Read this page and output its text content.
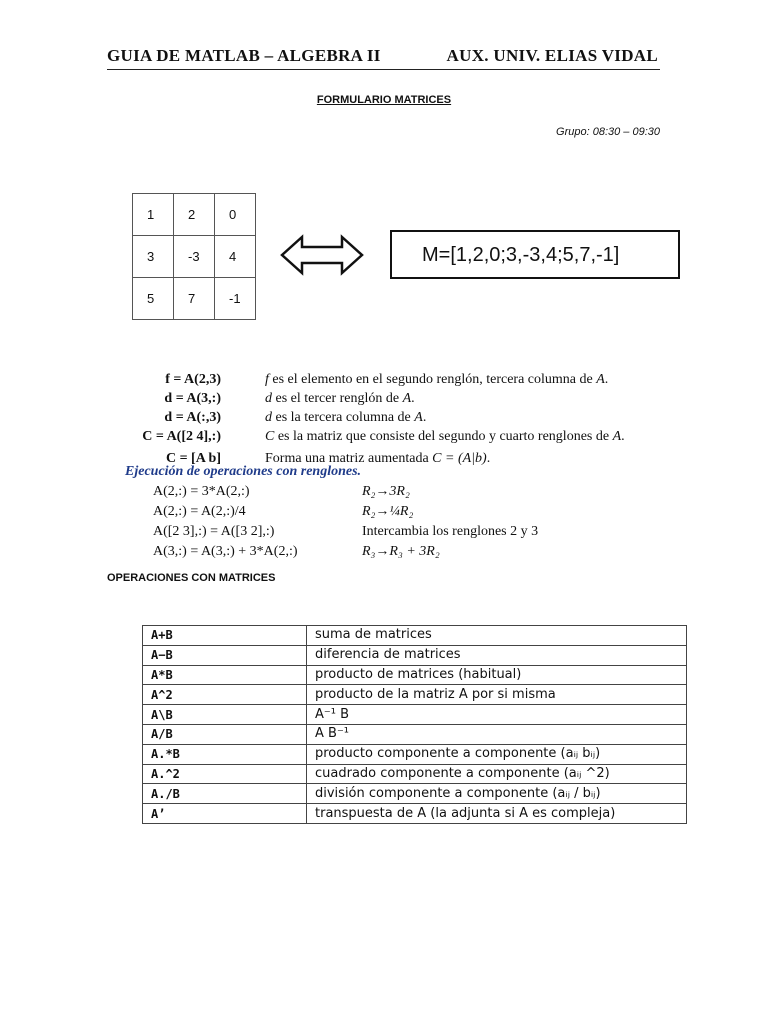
GUIA DE MATLAB – ALGEBRA II	AUX. UNIV. ELIAS VIDAL
FORMULARIO MATRICES
Grupo: 08:30 – 09:30
1	2	0
3	-3	4
5	7	-1
M=[1,2,0;3,-3,4;5,7,-1]
f = A(2,3)	f es el elemento en el segundo renglón, tercera columna de A.
d = A(3,:)	d es el tercer renglón de A.
d = A(:,3)	d es la tercera columna de A.
C = A([2 4],:)	C es la matriz que consiste del segundo y cuarto renglones de A.
C = [A b]	Forma una matriz aumentada C = (A|b).
Ejecución de operaciones con renglones.
A(2,:) = 3*A(2,:)	R₂→3R₂
A(2,:) = A(2,:)/4	R₂→¼R₂
A([2 3],:) = A([3 2],:)	Intercambia los renglones 2 y 3
A(3,:) = A(3,:) + 3*A(2,:)	R₃→R₃ + 3R₂
OPERACIONES CON MATRICES
A+B	suma de matrices
A−B	diferencia de matrices
A*B	producto de matrices (habitual)
A^2	producto de la matriz A por si misma
A\B	A⁻¹ B
A/B	A B⁻¹
A.*B	producto componente a componente (aᵢⱼ bᵢⱼ)
A.^2	cuadrado componente a componente (aᵢⱼ ^2)
A./B	división componente a componente (aᵢⱼ / bᵢⱼ)
A’	transpuesta de A (la adjunta si A es compleja)
